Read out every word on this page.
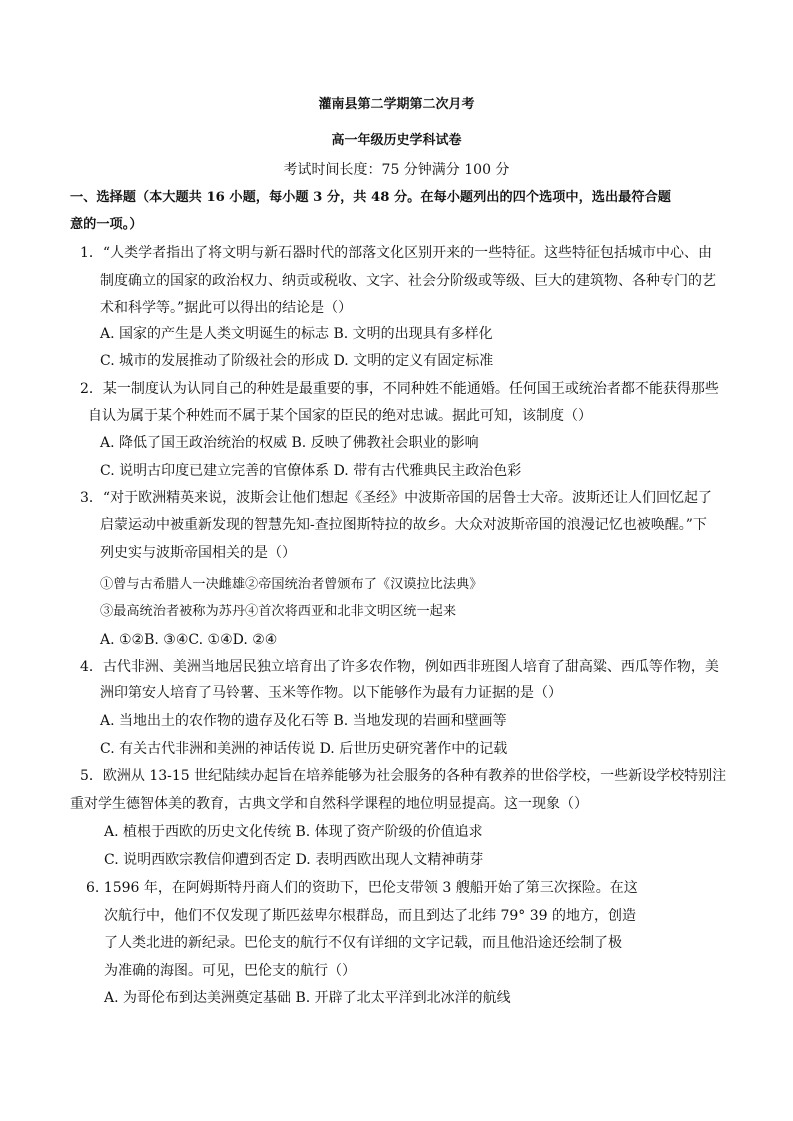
灌南县第二学期第二次月考
高一年级历史学科试卷
考试时间长度：75 分钟满分 100 分
一、选择题（本大题共 16 小题，每小题 3 分，共 48 分。在每小题列出的四个选项中，选出最符合题
意的一项。）
1．“人类学者指出了将文明与新石器时代的部落文化区别开来的一些特征。这些特征包括城市中心、由
制度确立的国家的政治权力、纳贡或税收、文字、社会分阶级或等级、巨大的建筑物、各种专门的艺
术和科学等。”据此可以得出的结论是（）
A. 国家的产生是人类文明诞生的标志 B. 文明的出现具有多样化
C. 城市的发展推动了阶级社会的形成 D. 文明的定义有固定标准
2．某一制度认为认同自己的种姓是最重要的事，不同种姓不能通婚。任何国王或统治者都不能获得那些
自认为属于某个种姓而不属于某个国家的臣民的绝对忠诚。据此可知，该制度（）
A. 降低了国王政治统治的权威 B. 反映了佛教社会职业的影响
C. 说明古印度已建立完善的官僚体系 D. 带有古代雅典民主政治色彩
3．“对于欧洲精英来说，波斯会让他们想起《圣经》中波斯帝国的居鲁士大帝。波斯还让人们回忆起了
启蒙运动中被重新发现的智慧先知-查拉图斯特拉的故乡。大众对波斯帝国的浪漫记忆也被唤醒。”下
列史实与波斯帝国相关的是（）
①曾与古希腊人一决雌雄②帝国统治者曾颁布了《汉谟拉比法典》
③最高统治者被称为苏丹④首次将西亚和北非文明区统一起来
A. ①②B. ③④C. ①④D. ②④
4．古代非洲、美洲当地居民独立培育出了许多农作物，例如西非班图人培育了甜高粱、西瓜等作物，美
洲印第安人培育了马铃薯、玉米等作物。以下能够作为最有力证据的是（）
A. 当地出土的农作物的遗存及化石等 B. 当地发现的岩画和壁画等
C. 有关古代非洲和美洲的神话传说 D. 后世历史研究著作中的记载
5．欧洲从 13-15 世纪陆续办起旨在培养能够为社会服务的各种有教养的世俗学校，一些新设学校特别注
重对学生德智体美的教育，古典文学和自然科学课程的地位明显提高。这一现象（）
A. 植根于西欧的历史文化传统 B. 体现了资产阶级的价值追求
C. 说明西欧宗教信仰遭到否定 D. 表明西欧出现人文精神萌芽
6. 1596 年，在阿姆斯特丹商人们的资助下，巴伦支带领 3 艘船开始了第三次探险。在这
次航行中，他们不仅发现了斯匹兹卑尔根群岛，而且到达了北纬 79° 39 的地方，创造
了人类北进的新纪录。巴伦支的航行不仅有详细的文字记载，而且他沿途还绘制了极
为准确的海图。可见，巴伦支的航行（）
A. 为哥伦布到达美洲奠定基础 B. 开辟了北太平洋到北冰洋的航线
